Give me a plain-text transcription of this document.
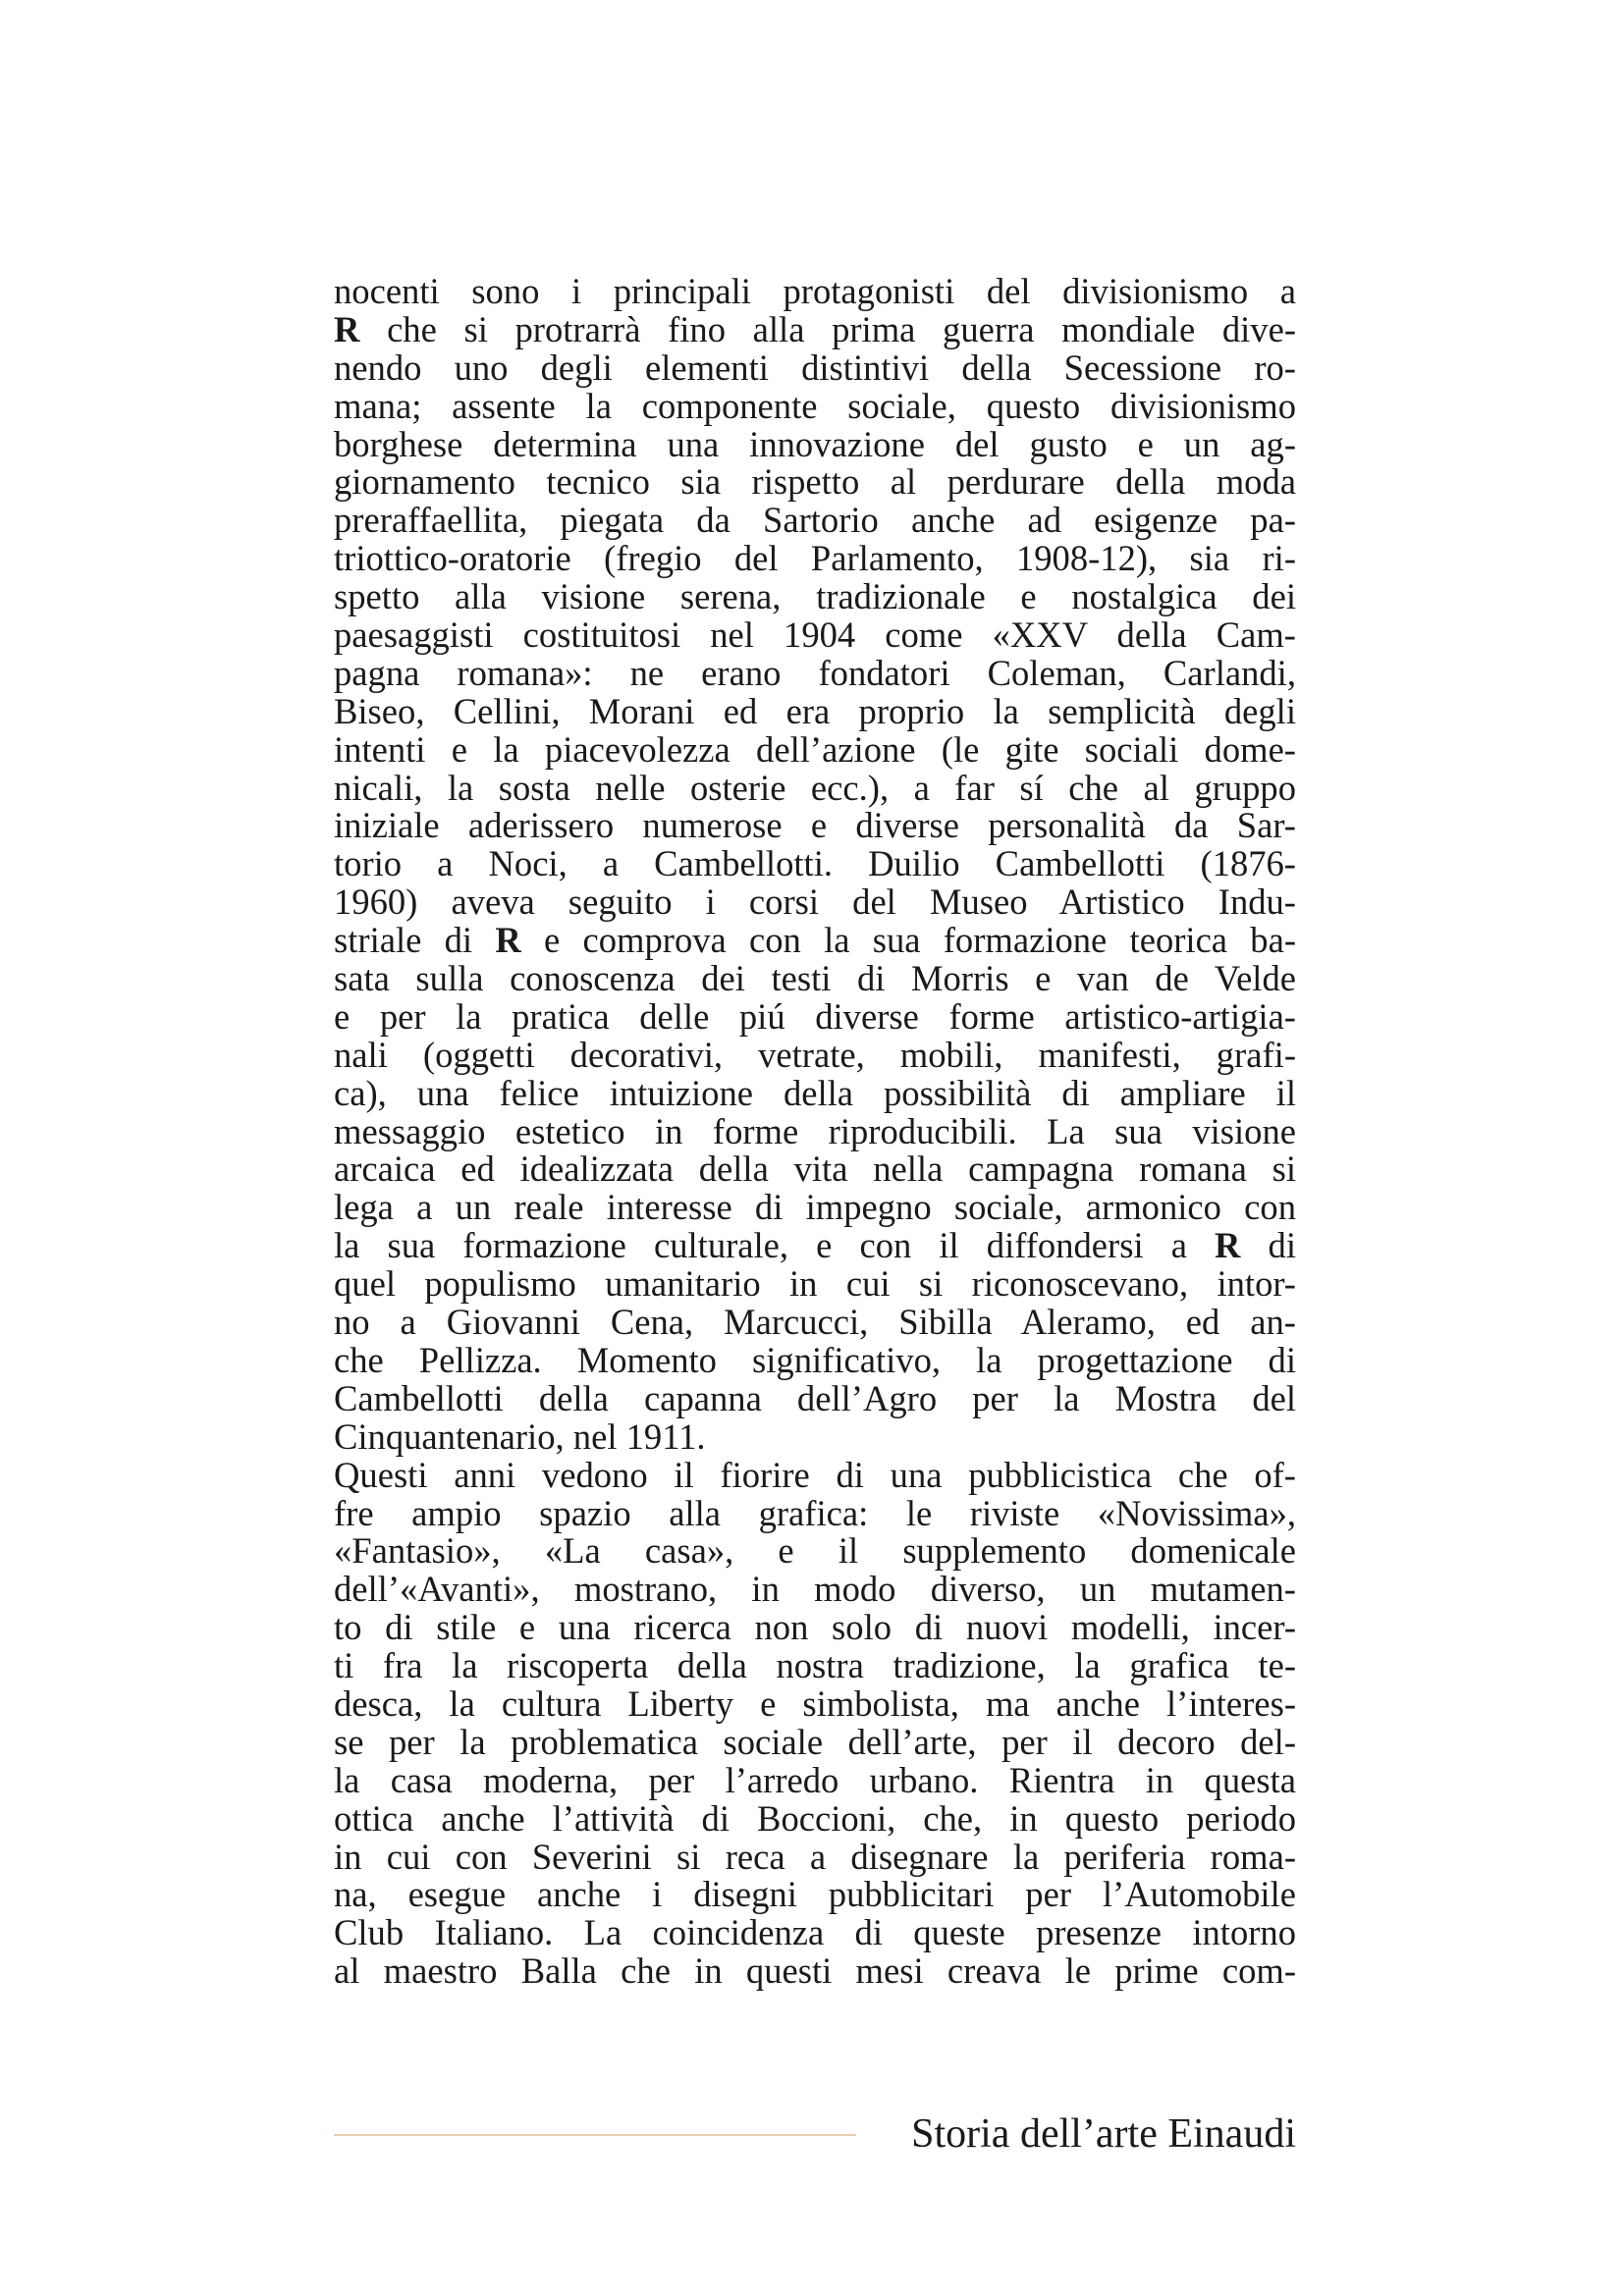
nocenti sono i principali protagonisti del divisionismo a
R che si protrarrà fino alla prima guerra mondiale dive-
nendo uno degli elementi distintivi della Secessione ro-
mana; assente la componente sociale, questo divisionismo
borghese determina una innovazione del gusto e un ag-
giornamento tecnico sia rispetto al perdurare della moda
preraffaellita, piegata da Sartorio anche ad esigenze pa-
triottico-oratorie (fregio del Parlamento, 1908-12), sia ri-
spetto alla visione serena, tradizionale e nostalgica dei
paesaggisti costituitosi nel 1904 come «XXV della Cam-
pagna romana»: ne erano fondatori Coleman, Carlandi,
Biseo, Cellini, Morani ed era proprio la semplicità degli
intenti e la piacevolezza dell’azione (le gite sociali dome-
nicali, la sosta nelle osterie ecc.), a far sí che al gruppo
iniziale aderissero numerose e diverse personalità da Sar-
torio a Noci, a Cambellotti. Duilio Cambellotti (1876-
1960) aveva seguito i corsi del Museo Artistico Indu-
striale di R e comprova con la sua formazione teorica ba-
sata sulla conoscenza dei testi di Morris e van de Velde
e per la pratica delle piú diverse forme artistico-artigia-
nali (oggetti decorativi, vetrate, mobili, manifesti, grafi-
ca), una felice intuizione della possibilità di ampliare il
messaggio estetico in forme riproducibili. La sua visione
arcaica ed idealizzata della vita nella campagna romana si
lega a un reale interesse di impegno sociale, armonico con
la sua formazione culturale, e con il diffondersi a R di
quel populismo umanitario in cui si riconoscevano, intor-
no a Giovanni Cena, Marcucci, Sibilla Aleramo, ed an-
che Pellizza. Momento significativo, la progettazione di
Cambellotti della capanna dell’Agro per la Mostra del
Cinquantenario, nel 1911.
Questi anni vedono il fiorire di una pubblicistica che of-
fre ampio spazio alla grafica: le riviste «Novissima»,
«Fantasio», «La casa», e il supplemento domenicale
dell’«Avanti», mostrano, in modo diverso, un mutamen-
to di stile e una ricerca non solo di nuovi modelli, incer-
ti fra la riscoperta della nostra tradizione, la grafica te-
desca, la cultura Liberty e simbolista, ma anche l’interes-
se per la problematica sociale dell’arte, per il decoro del-
la casa moderna, per l’arredo urbano. Rientra in questa
ottica anche l’attività di Boccioni, che, in questo periodo
in cui con Severini si reca a disegnare la periferia roma-
na, esegue anche i disegni pubblicitari per l’Automobile
Club Italiano. La coincidenza di queste presenze intorno
al maestro Balla che in questi mesi creava le prime com-
Storia dell’arte Einaudi
